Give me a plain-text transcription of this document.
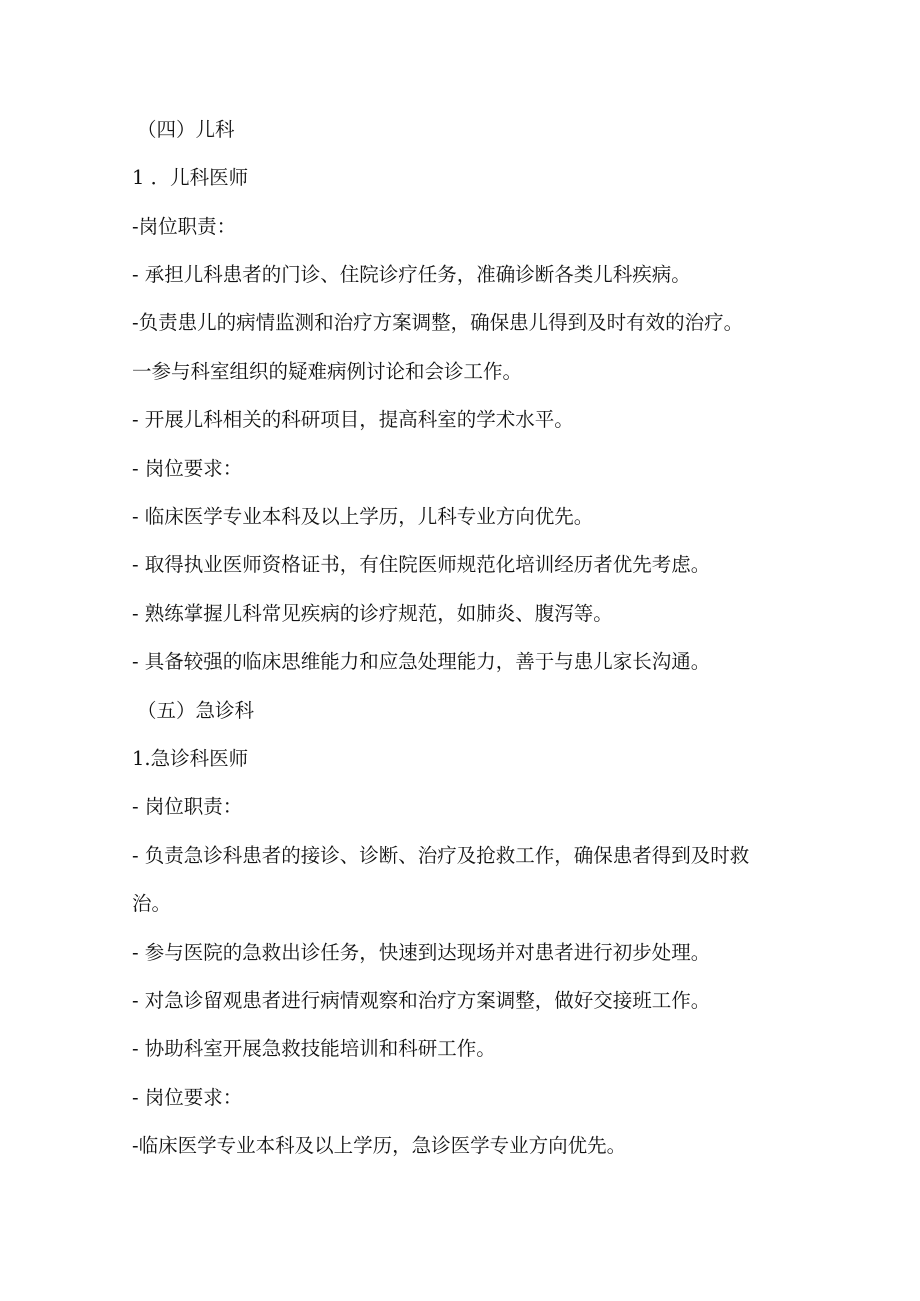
（四）儿科
1 ．儿科医师
-岗位职责：
- 承担儿科患者的门诊、住院诊疗任务，准确诊断各类儿科疾病。
-负责患儿的病情监测和治疗方案调整，确保患儿得到及时有效的治疗。
一参与科室组织的疑难病例讨论和会诊工作。
- 开展儿科相关的科研项目，提高科室的学术水平。
- 岗位要求：
- 临床医学专业本科及以上学历，儿科专业方向优先。
- 取得执业医师资格证书，有住院医师规范化培训经历者优先考虑。
- 熟练掌握儿科常见疾病的诊疗规范，如肺炎、腹泻等。
- 具备较强的临床思维能力和应急处理能力，善于与患儿家长沟通。
（五）急诊科
1.急诊科医师
- 岗位职责：
- 负责急诊科患者的接诊、诊断、治疗及抢救工作，确保患者得到及时救
治。
- 参与医院的急救出诊任务，快速到达现场并对患者进行初步处理。
- 对急诊留观患者进行病情观察和治疗方案调整，做好交接班工作。
- 协助科室开展急救技能培训和科研工作。
- 岗位要求：
-临床医学专业本科及以上学历，急诊医学专业方向优先。
